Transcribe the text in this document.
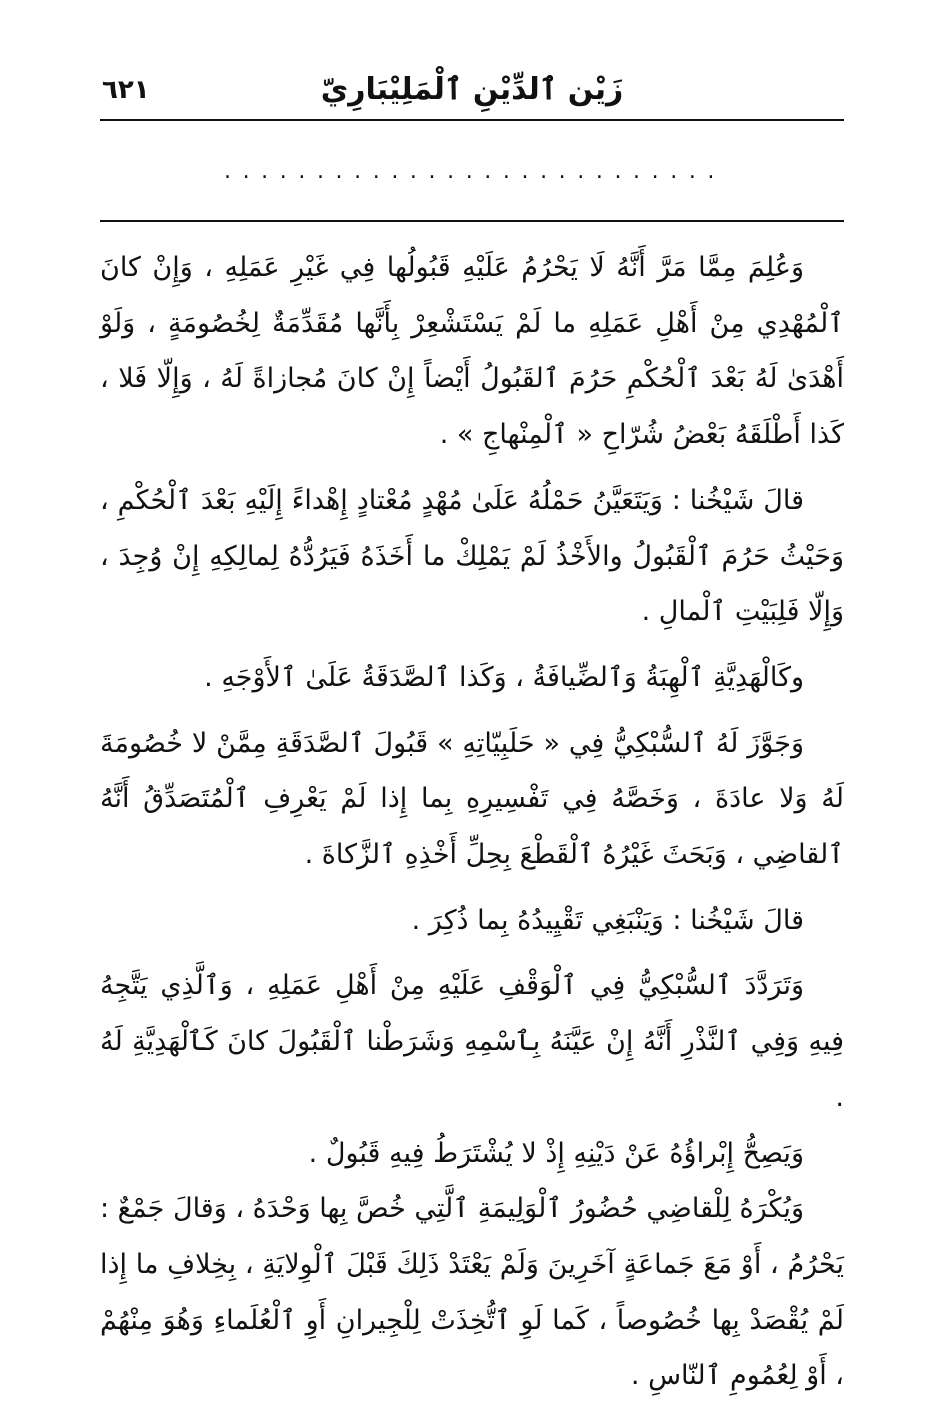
زَيْن ٱلدِّيْنِ ٱلْمَلِيْبَارِيّ
٦٢١
...........................

وَعُلِمَ مِمَّا مَرَّ أَنَّهُ لَا يَحْرُمُ عَلَيْهِ قَبُولُها فِي غَيْرِ عَمَلِهِ ، وَإِنْ كانَ ٱلْمُهْدِي مِنْ أَهْلِ عَمَلِهِ ما لَمْ يَسْتَشْعِرْ بِأَنَّها مُقَدِّمَةٌ لِخُصُومَةٍ ، وَلَوْ أَهْدَىٰ لَهُ بَعْدَ ٱلْحُكْمِ حَرُمَ ٱلقَبُولُ أَيْضاً إِنْ كانَ مُجازاةً لَهُ ، وَإِلّا فَلا ، كَذا أَطْلَقَهُ بَعْضُ شُرّاحِ « ٱلْمِنْهاجِ » .

قالَ شَيْخُنا : وَيَتَعَيَّنُ حَمْلُهُ عَلَىٰ مُهْدٍ مُعْتادٍ إِهْداءً إِلَيْهِ بَعْدَ ٱلْحُكْمِ ، وَحَيْثُ حَرُمَ ٱلْقَبُولُ والأَخْذُ لَمْ يَمْلِكْ ما أَخَذَهُ فَيَرُدُّهُ لِمالِكِهِ إِنْ وُجِدَ ، وَإِلّا فَلِبَيْتِ ٱلْمالِ .

وكَالْهَدِيَّةِ ٱلْهِبَةُ وَٱلضِّيافَةُ ، وَكَذا ٱلصَّدَقَةُ عَلَىٰ ٱلأَوْجَهِ .

وَجَوَّزَ لَهُ ٱلسُّبْكِيُّ فِي « حَلَبِيّاتِهِ » قَبُولَ ٱلصَّدَقَةِ مِمَّنْ لا خُصُومَةَ لَهُ وَلا عادَةَ ، وَخَصَّهُ فِي تَفْسِيرِهِ بِما إِذا لَمْ يَعْرِفِ ٱلْمُتَصَدِّقُ أَنَّهُ ٱلقاضِي ، وَبَحَثَ غَيْرُهُ ٱلْقَطْعَ بِحِلِّ أَخْذِهِ ٱلزَّكاةَ .

قالَ شَيْخُنا : وَيَنْبَغِي تَقْيِيدُهُ بِما ذُكِرَ .

وَتَرَدَّدَ ٱلسُّبْكِيُّ فِي ٱلْوَقْفِ عَلَيْهِ مِنْ أَهْلِ عَمَلِهِ ، وَٱلَّذِي يَتَّجِهُ فِيهِ وَفِي ٱلنَّذْرِ أَنَّهُ إِنْ عَيَّنَهُ بِٱسْمِهِ وَشَرَطْنا ٱلْقَبُولَ كانَ كَٱلْهَدِيَّةِ لَهُ .

وَيَصِحُّ إِبْراؤُهُ عَنْ دَيْنِهِ إِذْ لا يُشْتَرَطُ فِيهِ قَبُولٌ .

وَيُكْرَهُ لِلْقاضِي حُضُورُ ٱلْوَلِيمَةِ ٱلَّتِي خُصَّ بِها وَحْدَهُ ، وَقالَ جَمْعٌ : يَحْرُمُ ، أَوْ مَعَ جَماعَةٍ آخَرِينَ وَلَمْ يَعْتَدْ ذَلِكَ قَبْلَ ٱلْوِلايَةِ ، بِخِلافِ ما إِذا لَمْ يُقْصَدْ بِها خُصُوصاً ، كَما لَوِ ٱتُّخِذَتْ لِلْجِيرانِ أَوِ ٱلْعُلَماءِ وَهُوَ مِنْهُمْ ، أَوْ لِعُمُومِ ٱلنّاسِ .
